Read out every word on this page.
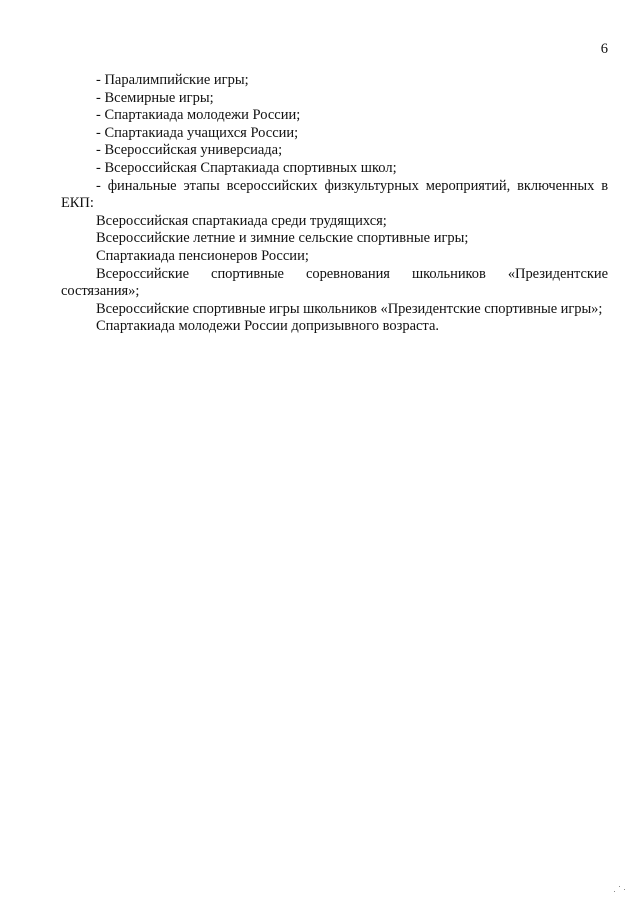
6

- Паралимпийские игры;

- Всемирные игры;

- Спартакиада молодежи России;

- Спартакиада учащихся России;

- Всероссийская универсиада;

- Всероссийская Спартакиада спортивных школ;

- финальные этапы всероссийских физкультурных мероприятий, включенных в ЕКП:

Всероссийская спартакиада среди трудящихся;

Всероссийские летние и зимние сельские спортивные игры;

Спартакиада пенсионеров России;

Всероссийские спортивные соревнования школьников «Президентские состязания»;

Всероссийские спортивные игры школьников «Президентские спортивные игры»;

Спартакиада молодежи России допризывного возраста.
